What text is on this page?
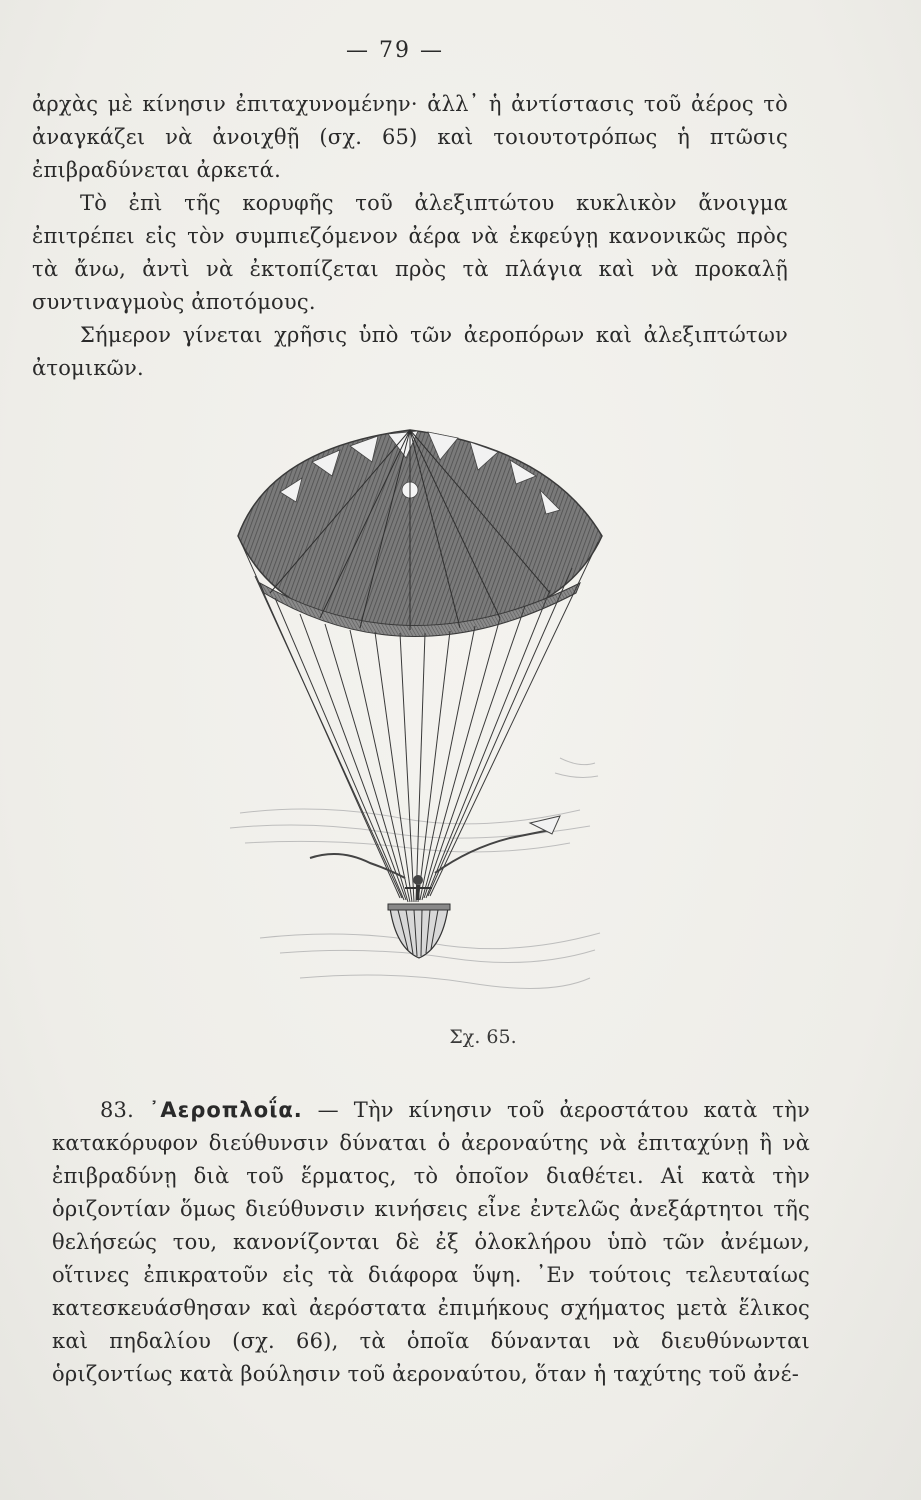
— 79 —

ἀρχὰς μὲ κίνησιν ἐπιταχυνομένην· ἀλλ᾽ ἡ ἀντίστασις τοῦ ἀέρος τὸ ἀναγκάζει νὰ ἀνοιχθῇ (σχ. 65) καὶ τοιουτοτρόπως ἡ πτῶσις ἐπιβραδύνεται ἀρκετά.

Τὸ ἐπὶ τῆς κορυφῆς τοῦ ἀλεξιπτώτου κυκλικὸν ἄνοιγμα ἐπιτρέπει εἰς τὸν συμπιεζόμενον ἀέρα νὰ ἐκφεύγῃ κανονικῶς πρὸς τὰ ἄνω, ἀντὶ νὰ ἐκτοπίζεται πρὸς τὰ πλάγια καὶ νὰ προκαλῇ συντιναγμοὺς ἀποτόμους.

Σήμερον γίνεται χρῆσις ὑπὸ τῶν ἀεροπόρων καὶ ἀλεξιπτώτων ἀτομικῶν.

Σχ. 65.

83. ᾽Αεροπλοΐα. — Τὴν κίνησιν τοῦ ἀεροστάτου κατὰ τὴν κατακόρυφον διεύθυνσιν δύναται ὁ ἀεροναύτης νὰ ἐπιταχύνῃ ἢ νὰ ἐπιβραδύνῃ διὰ τοῦ ἕρματος, τὸ ὁποῖον διαθέτει. Αἱ κατὰ τὴν ὁριζοντίαν ὅμως διεύθυνσιν κινήσεις εἶνε ἐντελῶς ἀνεξάρτητοι τῆς θελήσεώς του, κανονίζονται δὲ ἐξ ὁλοκλήρου ὑπὸ τῶν ἀνέμων, οἵτινες ἐπικρατοῦν εἰς τὰ διάφορα ὕψη. ᾽Εν τούτοις τελευταίως κατεσκευάσθησαν καὶ ἀερόστατα ἐπιμήκους σχήματος μετὰ ἕλικος καὶ πηδαλίου (σχ. 66), τὰ ὁποῖα δύνανται νὰ διευθύνωνται ὁριζοντίως κατὰ βούλησιν τοῦ ἀεροναύτου, ὅταν ἡ ταχύτης τοῦ ἀνέ-
